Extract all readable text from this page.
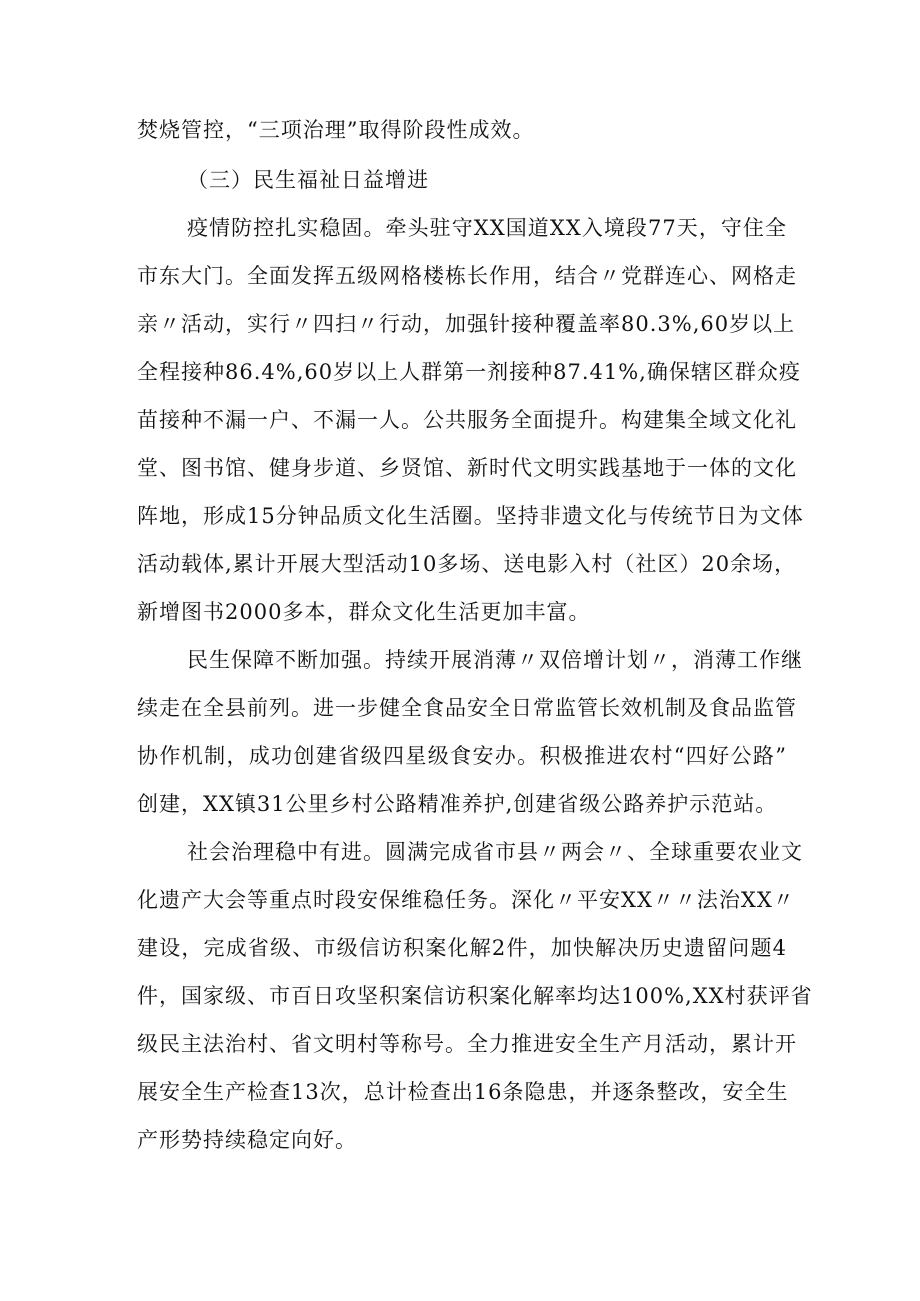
焚烧管控，“三项治理”取得阶段性成效。
（三）民生福祉日益增进
疫情防控扎实稳固。牵头驻守XX国道XX入境段77天，守住全
市东大门。全面发挥五级网格楼栋长作用，结合〃党群连心、网格走
亲〃活动，实行〃四扫〃行动，加强针接种覆盖率80.3%,60岁以上
全程接种86.4%,60岁以上人群第一剂接种87.41%,确保辖区群众疫
苗接种不漏一户、不漏一人。公共服务全面提升。构建集全域文化礼
堂、图书馆、健身步道、乡贤馆、新时代文明实践基地于一体的文化
阵地，形成15分钟品质文化生活圈。坚持非遗文化与传统节日为文体
活动载体,累计开展大型活动10多场、送电影入村（社区）20余场，
新增图书2000多本，群众文化生活更加丰富。
民生保障不断加强。持续开展消薄〃双倍增计划〃，消薄工作继
续走在全县前列。进一步健全食品安全日常监管长效机制及食品监管
协作机制，成功创建省级四星级食安办。积极推进农村“四好公路”
创建，XX镇31公里乡村公路精准养护,创建省级公路养护示范站。
社会治理稳中有进。圆满完成省市县〃两会〃、全球重要农业文
化遗产大会等重点时段安保维稳任务。深化〃平安XX〃〃法治XX〃
建设，完成省级、市级信访积案化解2件，加快解决历史遗留问题4
件，国家级、市百日攻坚积案信访积案化解率均达100%,XX村获评省
级民主法治村、省文明村等称号。全力推进安全生产月活动，累计开
展安全生产检查13次，总计检查出16条隐患，并逐条整改，安全生
产形势持续稳定向好。
